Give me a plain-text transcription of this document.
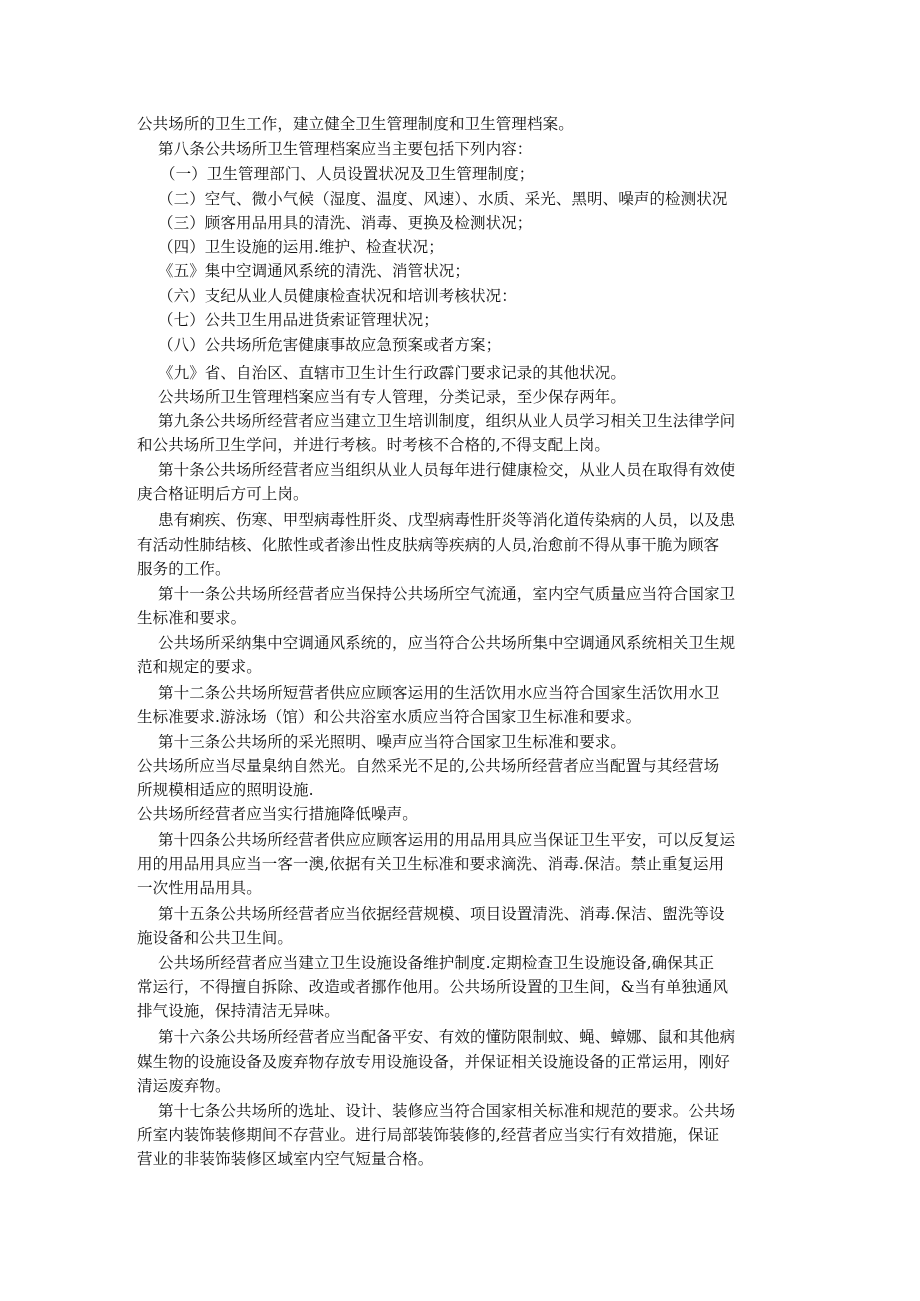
公共场所的卫生工作，建立健全卫生管理制度和卫生管理档案。
第八条公共场所卫生管理档案应当主要包括下列内容：
（一）卫生管理部门、人员设置状况及卫生管理制度；
（二）空气、微小气候（湿度、温度、风速）、水质、采光、黑明、噪声的检测状况
（三）顾客用品用具的清洗、消毒、更换及检测状况；
（四）卫生设施的运用.维护、检查状况；
《五》集中空调通风系统的清洗、消管状况；
（六）支纪从业人员健康检查状况和培训考核状况：
（七）公共卫生用品进货索证管理状况；
（八）公共场所危害健康事故应急预案或者方案；
《九》省、自治区、直辖市卫生计生行政霹门要求记录的其他状况。
公共场所卫生管理档案应当有专人管理，分类记录，至少保存两年。
第九条公共场所经营者应当建立卫生培训制度，组织从业人员学习相关卫生法律学问
和公共场所卫生学问，并进行考核。时考核不合格的,不得支配上岗。
第十条公共场所经营者应当组织从业人员每年进行健康检交，从业人员在取得有效使
庚合格证明后方可上岗。
患有痢疾、伤寒、甲型病毒性肝炎、戊型病毒性肝炎等消化道传染病的人员，以及患
有活动性肺结核、化脓性或者渗出性皮肤病等疾病的人员,治愈前不得从事干脆为顾客
服务的工作。
第十一条公共场所经营者应当保持公共场所空气流通，室内空气质量应当符合国家卫
生标准和要求。
公共场所采纳集中空调通风系统的，应当符合公共场所集中空调通风系统相关卫生规
范和规定的要求。
第十二条公共场所短营者供应应顾客运用的生活饮用水应当符合国家生活饮用水卫
生标准要求.游泳场（馆）和公共浴室水质应当符合国家卫生标准和要求。
第十三条公共场所的采光照明、噪声应当符合国家卫生标准和要求。
公共场所应当尽量臬纳自然光。自然采光不足的,公共场所经营者应当配置与其经营场
所规模相适应的照明设施.
公共场所经营者应当实行措施降低噪声。
第十四条公共场所经营者供应应顾客运用的用品用具应当保证卫生平安，可以反复运
用的用品用具应当一客一澳,依据有关卫生标准和要求滴洗、消毒.保洁。禁止重复运用
一次性用品用具。
第十五条公共场所经营者应当依据经营规模、项目设置清洗、消毒.保洁、盥洗等设
施设备和公共卫生间。
公共场所经营者应当建立卫生设施设备维护制度.定期检查卫生设施设备,确保其正
常运行，不得擅自拆除、改造或者挪作他用。公共场所设置的卫生间，&当有单独通风
排气设施，保持清洁无异味。
第十六条公共场所经营者应当配备平安、有效的懂防限制蚊、蝇、蟑娜、鼠和其他病
媒生物的设施设备及废弃物存放专用设施设备，并保证相关设施设备的正常运用，刚好
清运废弃物。
第十七条公共场所的选址、设计、装修应当符合国家相关标准和规范的要求。公共场
所室内装饰装修期间不存营业。进行局部装饰装修的,经营者应当实行有效措施，保证
营业的非装饰装修区域室内空气短量合格。
